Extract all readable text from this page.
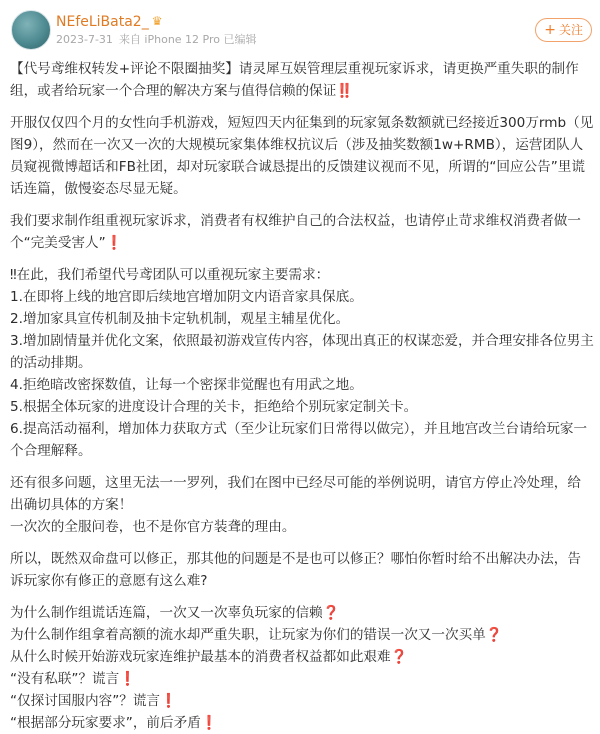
NEfeLiBata2_ ♛
2023-7-31 来自 iPhone 12 Pro 已编辑
+ 关注

【代号鸢维权转发+评论不限圈抽奖】请灵犀互娱管理层重视玩家诉求，请更换严重失职的制作组，或者给玩家一个合理的解决方案与值得信赖的保证‼️

开服仅仅四个月的女性向手机游戏，短短四天内征集到的玩家氪条数额就已经接近300万rmb（见图9），然而在一次又一次的大规模玩家集体维权抗议后（涉及抽奖数额1w+RMB），运营团队人员窥视微博超话和FB社团，却对玩家联合诚恳提出的反馈建议视而不见，所谓的“回应公告”里谎话连篇，傲慢姿态尽显无疑。

我们要求制作组重视玩家诉求，消费者有权维护自己的合法权益，也请停止苛求维权消费者做一个“完美受害人”❗

‼在此，我们希望代号鸢团队可以重视玩家主要需求：

1.在即将上线的地宫即后续地宫增加阴文内语音家具保底。

2.增加家具宣传机制及抽卡定轨机制，观星主辅星优化。

3.增加剧情量并优化文案，依照最初游戏宣传内容，体现出真正的权谋恋爱，并合理安排各位男主的活动排期。

4.拒绝暗改密探数值，让每一个密探非觉醒也有用武之地。

5.根据全体玩家的进度设计合理的关卡，拒绝给个别玩家定制关卡。

6.提高活动福利，增加体力获取方式（至少让玩家们日常得以做完），并且地宫改兰台请给玩家一个合理解释。

还有很多问题，这里无法一一罗列，我们在图中已经尽可能的举例说明，请官方停止冷处理，给出确切具体的方案！
一次次的全服问卷，也不是你官方装聋的理由。

所以，既然双命盘可以修正，那其他的问题是不是也可以修正？哪怕你暂时给不出解决办法，告诉玩家你有修正的意愿有这么难?

为什么制作组谎话连篇，一次又一次辜负玩家的信赖❓

为什么制作组拿着高额的流水却严重失职，让玩家为你们的错误一次又一次买单❓

从什么时候开始游戏玩家连维护最基本的消费者权益都如此艰难❓

“没有私联”？谎言❗

“仅探讨国服内容”？谎言❗

“根据部分玩家要求”，前后矛盾❗
